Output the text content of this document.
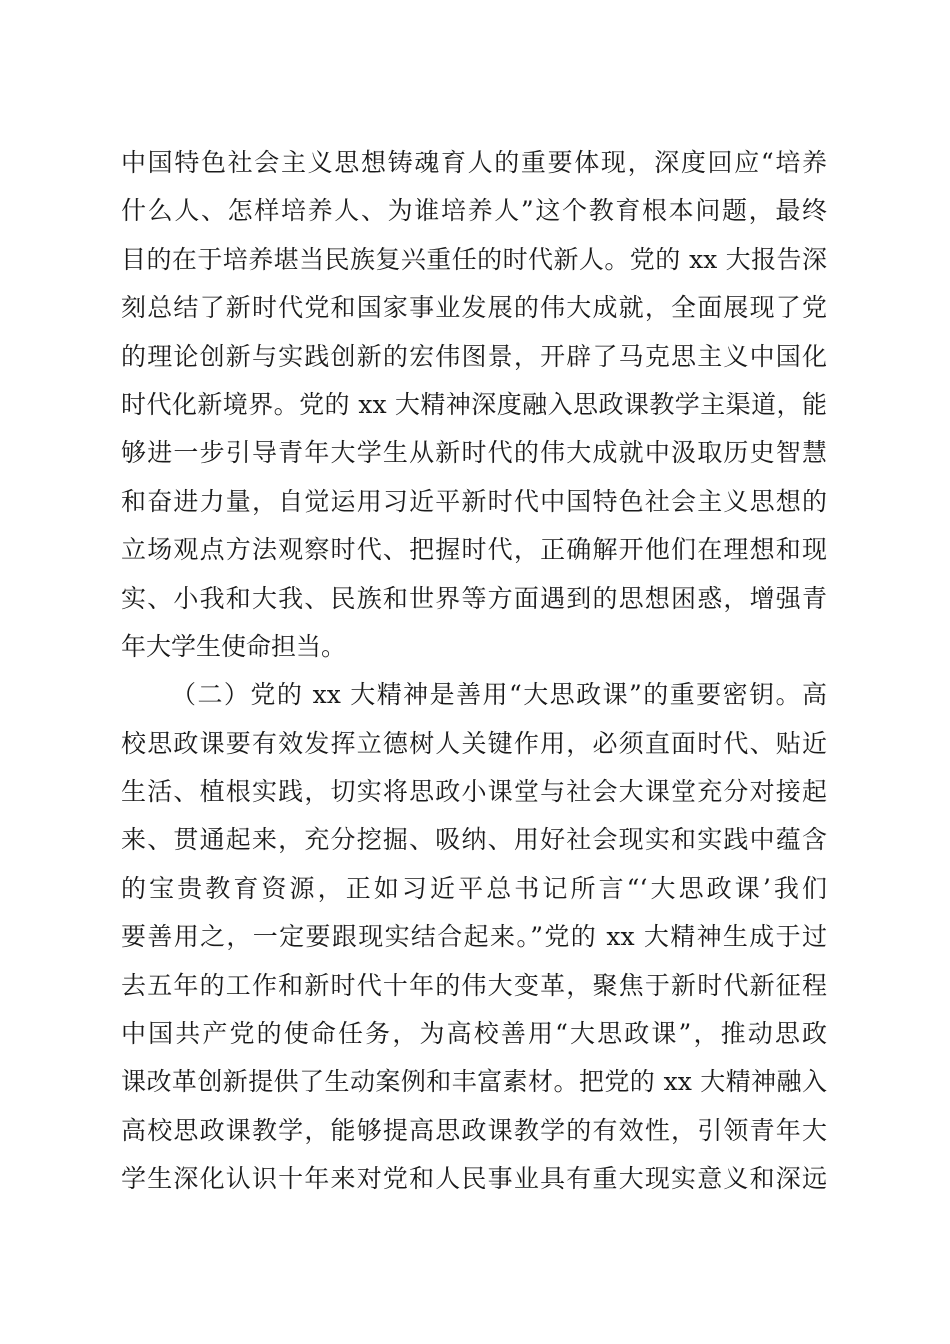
中国特色社会主义思想铸魂育人的重要体现，深度回应“培养
什么人、怎样培养人、为谁培养人”这个教育根本问题，最终
目的在于培养堪当民族复兴重任的时代新人。党的 xx 大报告深
刻总结了新时代党和国家事业发展的伟大成就，全面展现了党
的理论创新与实践创新的宏伟图景，开辟了马克思主义中国化
时代化新境界。党的 xx 大精神深度融入思政课教学主渠道，能
够进一步引导青年大学生从新时代的伟大成就中汲取历史智慧
和奋进力量，自觉运用习近平新时代中国特色社会主义思想的
立场观点方法观察时代、把握时代，正确解开他们在理想和现
实、小我和大我、民族和世界等方面遇到的思想困惑，增强青
年大学生使命担当。
（二）党的 xx 大精神是善用“大思政课”的重要密钥。高
校思政课要有效发挥立德树人关键作用，必须直面时代、贴近
生活、植根实践，切实将思政小课堂与社会大课堂充分对接起
来、贯通起来，充分挖掘、吸纳、用好社会现实和实践中蕴含
的宝贵教育资源，正如习近平总书记所言“‘大思政课’我们
要善用之，一定要跟现实结合起来。”党的 xx 大精神生成于过
去五年的工作和新时代十年的伟大变革，聚焦于新时代新征程
中国共产党的使命任务，为高校善用“大思政课”，推动思政
课改革创新提供了生动案例和丰富素材。把党的 xx 大精神融入
高校思政课教学，能够提高思政课教学的有效性，引领青年大
学生深化认识十年来对党和人民事业具有重大现实意义和深远
